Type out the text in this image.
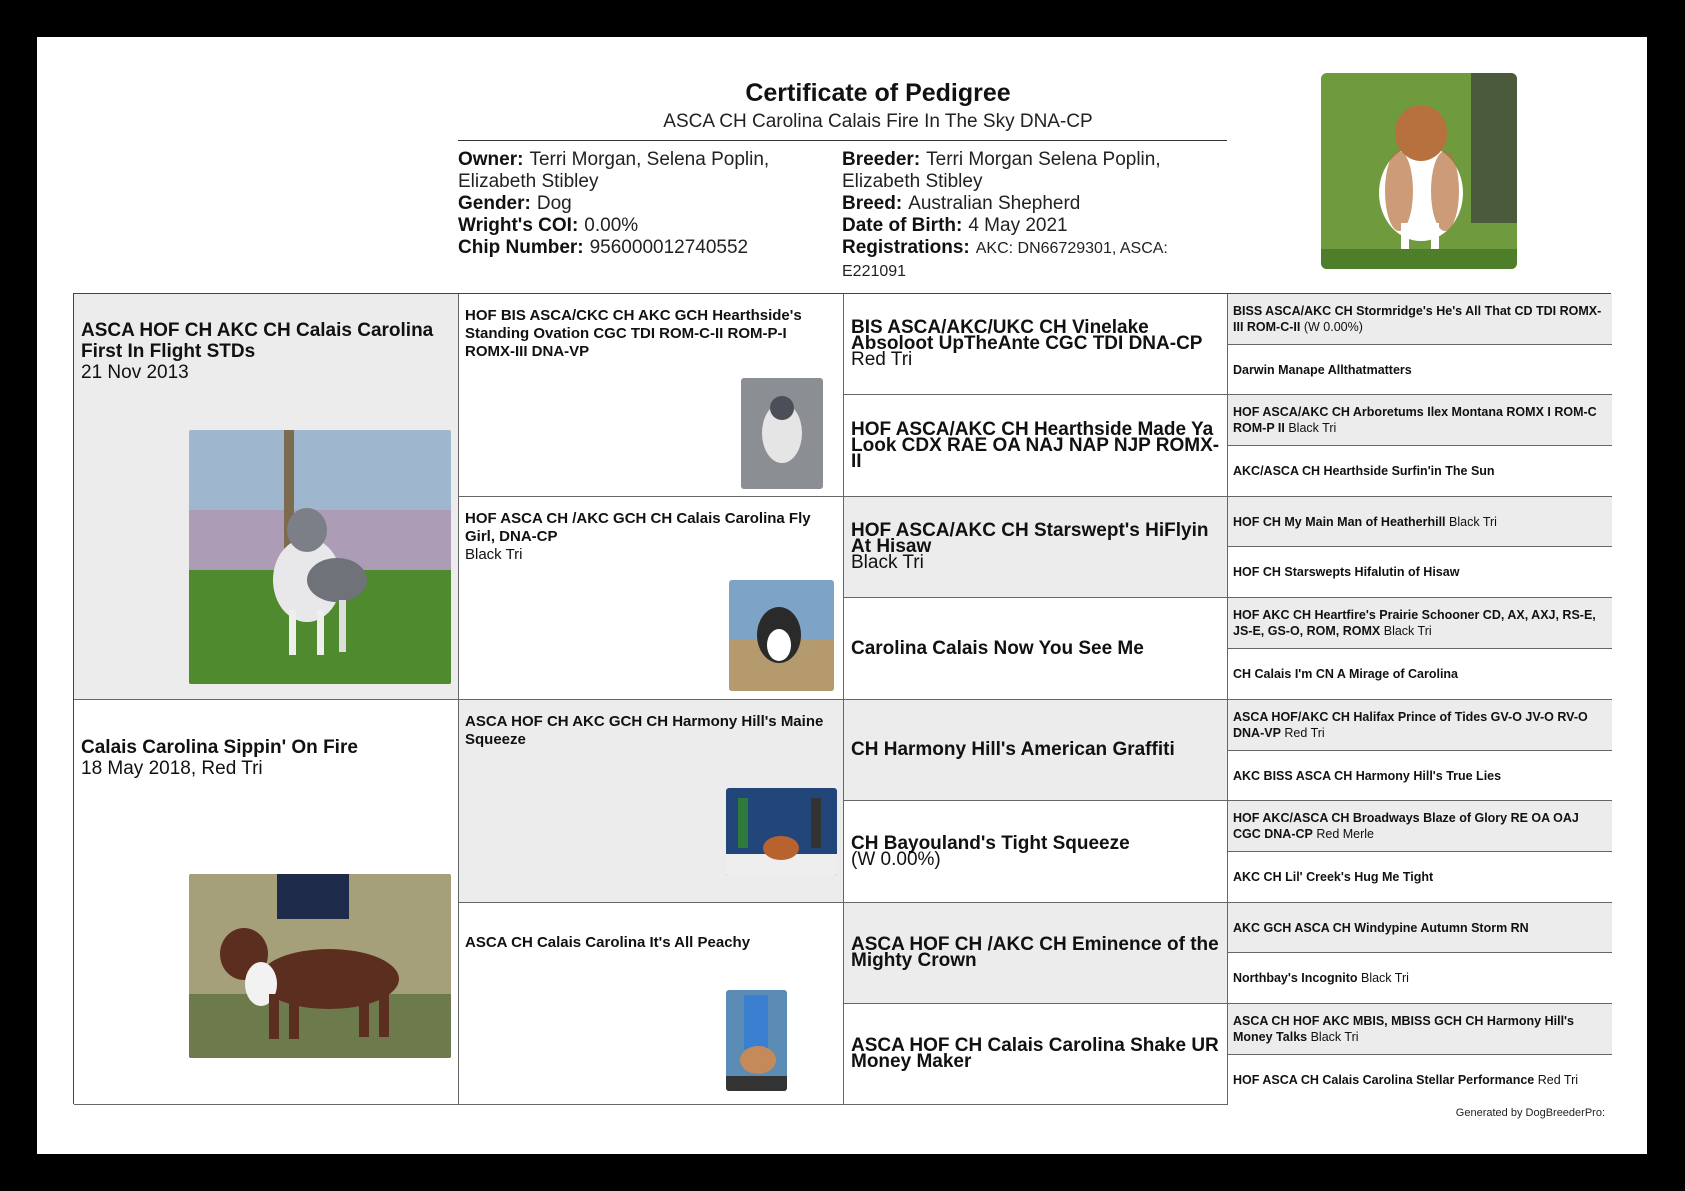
Certificate of Pedigree
ASCA CH Carolina Calais Fire In The Sky DNA-CP
Owner: Terri Morgan, Selena Poplin, Elizabeth Stibley
Gender: Dog
Wright's COI: 0.00%
Chip Number: 956000012740552
Breeder: Terri Morgan Selena Poplin, Elizabeth Stibley
Breed: Australian Shepherd
Date of Birth: 4 May 2021
Registrations: AKC: DN66729301, ASCA: E221091
ASCA HOF CH AKC CH Calais Carolina First In Flight STDs
21 Nov 2013
Calais Carolina Sippin' On Fire
18 May 2018, Red Tri
HOF BIS ASCA/CKC CH AKC GCH Hearthside's Standing Ovation CGC TDI ROM-C-II ROM-P-I ROMX-III DNA-VP
HOF ASCA CH /AKC GCH CH Calais Carolina Fly Girl, DNA-CP
Black Tri
ASCA HOF CH AKC GCH CH Harmony Hill's Maine Squeeze
ASCA CH Calais Carolina It's All Peachy
BIS ASCA/AKC/UKC CH Vinelake Absoloot UpTheAnte CGC TDI DNA-CP
Red Tri
HOF ASCA/AKC CH Hearthside Made Ya Look CDX RAE OA NAJ NAP NJP ROMX-II
HOF ASCA/AKC CH Starswept's HiFlyin At Hisaw
Black Tri
Carolina Calais Now You See Me
CH Harmony Hill's American Graffiti
CH Bayouland's Tight Squeeze
(W 0.00%)
ASCA HOF CH /AKC CH Eminence of the Mighty Crown
ASCA HOF CH Calais Carolina Shake UR Money Maker
BISS ASCA/AKC CH Stormridge's He's All That CD TDI ROMX-III ROM-C-II (W 0.00%)
Darwin Manape Allthatmatters
HOF ASCA/AKC CH Arboretums Ilex Montana ROMX I ROM-C ROM-P II Black Tri
AKC/ASCA CH Hearthside Surfin'in The Sun
HOF CH My Main Man of Heatherhill Black Tri
HOF CH Starswepts Hifalutin of Hisaw
HOF AKC CH Heartfire's Prairie Schooner CD, AX, AXJ, RS-E, JS-E, GS-O, ROM, ROMX Black Tri
CH Calais I'm CN A Mirage of Carolina
ASCA HOF/AKC CH Halifax Prince of Tides GV-O JV-O RV-O DNA-VP Red Tri
AKC BISS ASCA CH Harmony Hill's True Lies
HOF AKC/ASCA CH Broadways Blaze of Glory RE OA OAJ CGC DNA-CP Red Merle
AKC CH Lil' Creek's Hug Me Tight
AKC GCH ASCA CH Windypine Autumn Storm RN
Northbay's Incognito Black Tri
ASCA CH HOF AKC MBIS, MBISS GCH CH Harmony Hill's Money Talks Black Tri
HOF ASCA CH Calais Carolina Stellar Performance Red Tri
Generated by DogBreederPro:
